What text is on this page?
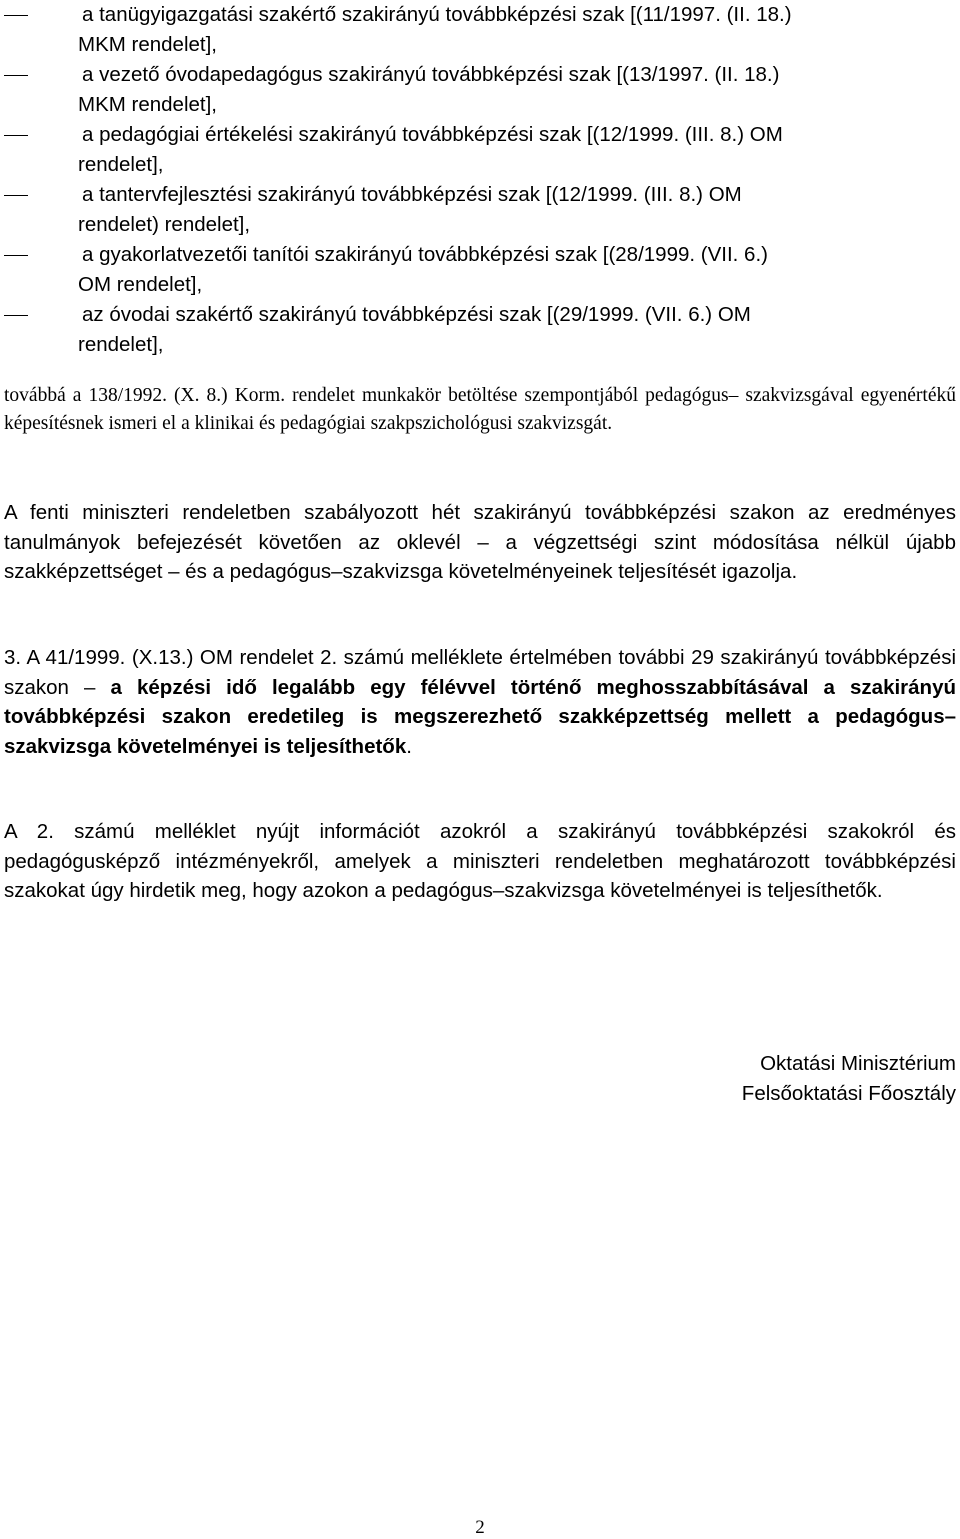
a tanügyigazgatási szakértő szakirányú továbbképzési szak [(11/1997. (II. 18.)
MKM rendelet],
a vezető óvodapedagógus szakirányú továbbképzési szak [(13/1997. (II. 18.)
MKM rendelet],
a pedagógiai értékelési szakirányú továbbképzési szak [(12/1999. (III. 8.) OM
rendelet],
a tantervfejlesztési szakirányú továbbképzési szak [(12/1999. (III. 8.) OM
rendelet) rendelet],
a gyakorlatvezetői tanítói szakirányú továbbképzési szak [(28/1999. (VII. 6.)
OM rendelet],
az óvodai szakértő szakirányú továbbképzési szak [(29/1999. (VII. 6.) OM
rendelet],

továbbá a 138/1992. (X. 8.) Korm. rendelet munkakör betöltése szempontjából pedagógus– szakvizsgával egyenértékű képesítésnek ismeri el a klinikai és pedagógiai szakpszichológusi szakvizsgát.

A fenti miniszteri rendeletben szabályozott hét szakirányú továbbképzési szakon az eredményes tanulmányok befejezését követően az oklevél – a végzettségi szint módosítása nélkül újabb szakképzettséget – és a pedagógus–szakvizsga követelményeinek teljesítését igazolja.

3. A 41/1999. (X.13.) OM rendelet 2. számú melléklete értelmében további 29 szakirányú továbbképzési szakon – a képzési idő legalább egy félévvel történő meghosszabbításával a szakirányú továbbképzési szakon eredetileg is megszerezhető szakképzettség mellett a pedagógus–szakvizsga követelményei is teljesíthetők.

A 2. számú melléklet nyújt információt azokról a szakirányú továbbképzési szakokról és pedagógusképző intézményekről, amelyek a miniszteri rendeletben meghatározott továbbképzési szakokat úgy hirdetik meg, hogy azokon a pedagógus–szakvizsga követelményei is teljesíthetők.

Oktatási Minisztérium
Felsőoktatási Főosztály
2
